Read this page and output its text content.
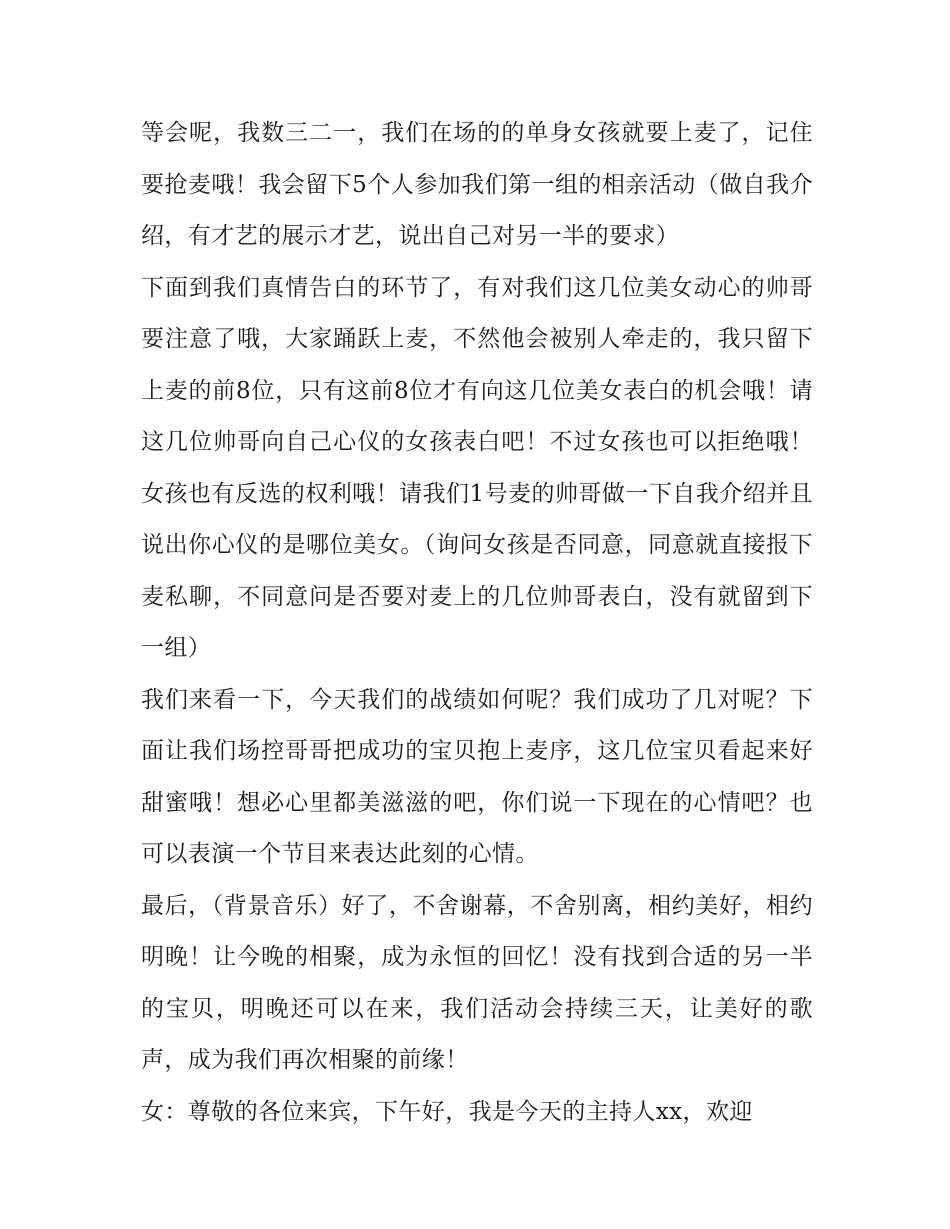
等会呢，我数三二一，我们在场的的单身女孩就要上麦了，记住要抢麦哦！我会留下5个人参加我们第一组的相亲活动（做自我介绍，有才艺的展示才艺，说出自己对另一半的要求）

下面到我们真情告白的环节了，有对我们这几位美女动心的帅哥要注意了哦，大家踊跃上麦，不然他会被别人牵走的，我只留下上麦的前8位，只有这前8位才有向这几位美女表白的机会哦！请这几位帅哥向自己心仪的女孩表白吧！不过女孩也可以拒绝哦！女孩也有反选的权利哦！请我们1号麦的帅哥做一下自我介绍并且说出你心仪的是哪位美女。（询问女孩是否同意，同意就直接报下麦私聊，不同意问是否要对麦上的几位帅哥表白，没有就留到下一组）

我们来看一下，今天我们的战绩如何呢？我们成功了几对呢？下面让我们场控哥哥把成功的宝贝抱上麦序，这几位宝贝看起来好甜蜜哦！想必心里都美滋滋的吧，你们说一下现在的心情吧？也可以表演一个节目来表达此刻的心情。

最后，（背景音乐）好了，不舍谢幕，不舍别离，相约美好，相约明晚！让今晚的相聚，成为永恒的回忆！没有找到合适的另一半的宝贝，明晚还可以在来，我们活动会持续三天，让美好的歌声，成为我们再次相聚的前缘！

女：尊敬的各位来宾，下午好，我是今天的主持人xx，欢迎
